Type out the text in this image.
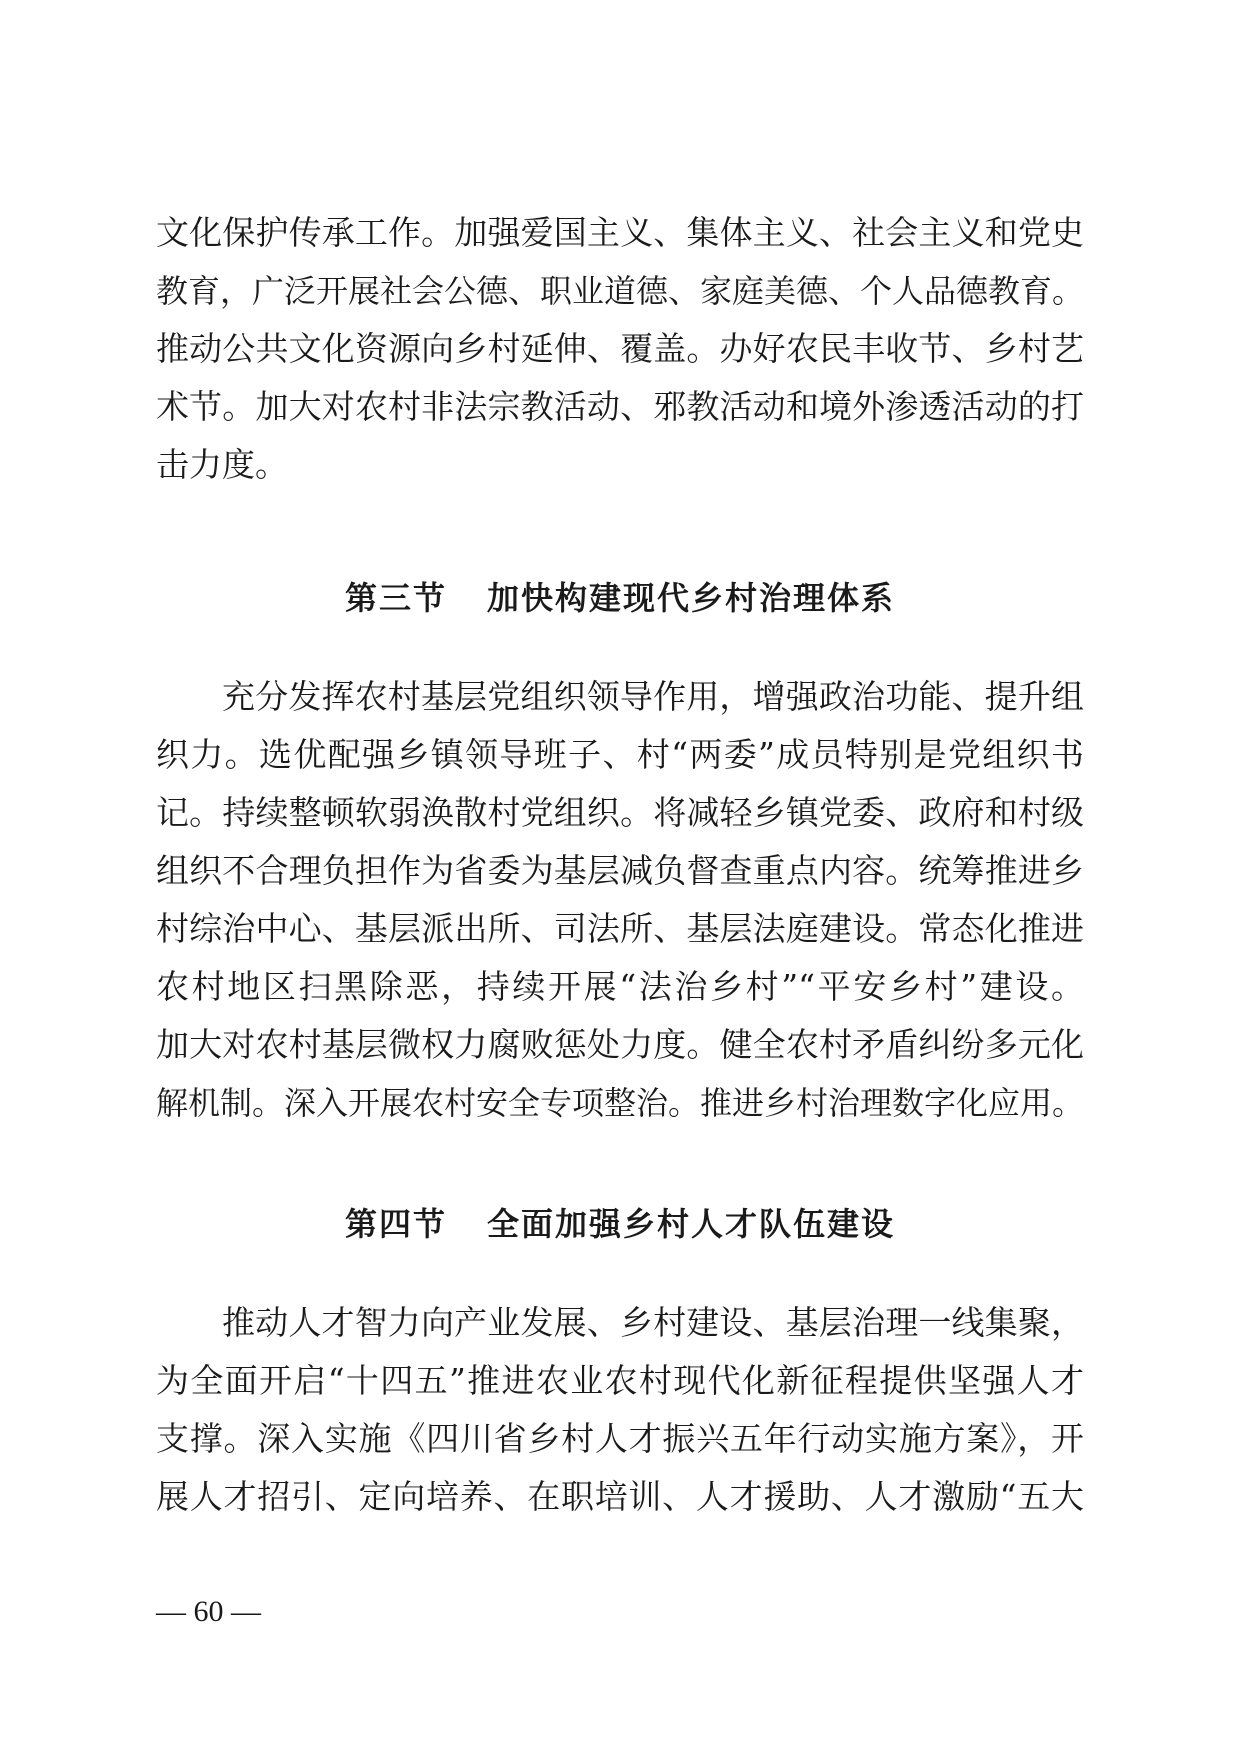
文化保护传承工作。加强爱国主义、集体主义、社会主义和党史
教育，广泛开展社会公德、职业道德、家庭美德、个人品德教育。
推动公共文化资源向乡村延伸、覆盖。办好农民丰收节、乡村艺
术节。加大对农村非法宗教活动、邪教活动和境外渗透活动的打
击力度。
第三节 加快构建现代乡村治理体系
充分发挥农村基层党组织领导作用，增强政治功能、提升组
织力。选优配强乡镇领导班子、村“两委”成员特别是党组织书
记。持续整顿软弱涣散村党组织。将减轻乡镇党委、政府和村级
组织不合理负担作为省委为基层减负督查重点内容。统筹推进乡
村综治中心、基层派出所、司法所、基层法庭建设。常态化推进
农村地区扫黑除恶，持续开展“法治乡村”“平安乡村”建设。
加大对农村基层微权力腐败惩处力度。健全农村矛盾纠纷多元化
解机制。深入开展农村安全专项整治。推进乡村治理数字化应用。
第四节 全面加强乡村人才队伍建设
推动人才智力向产业发展、乡村建设、基层治理一线集聚，
为全面开启“十四五”推进农业农村现代化新征程提供坚强人才
支撑。深入实施《四川省乡村人才振兴五年行动实施方案》，开
展人才招引、定向培养、在职培训、人才援助、人才激励“五大
— 60 —
